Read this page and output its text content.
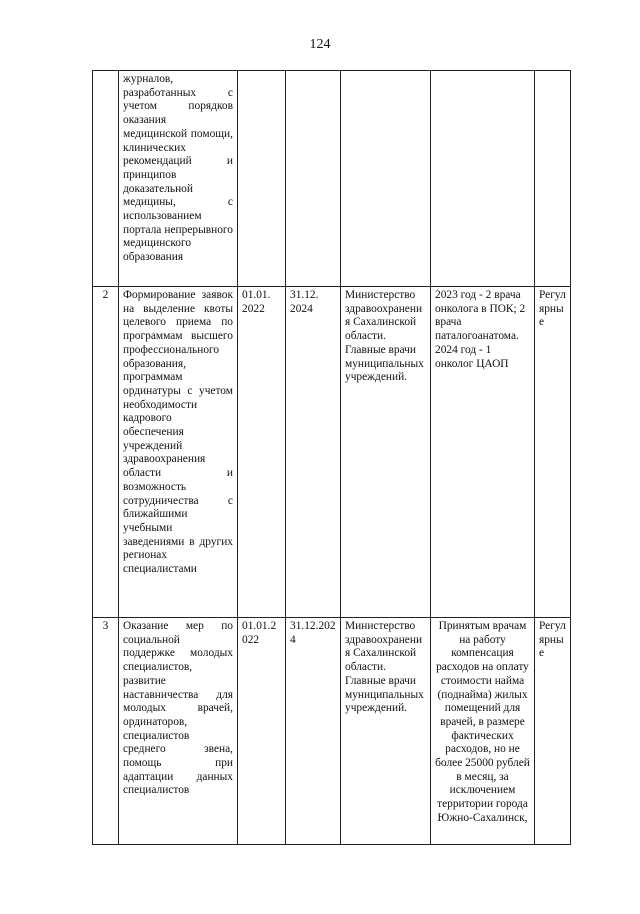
124
	журналов, разработанных с учетом порядков оказания медицинской помощи, клинических рекомендаций и принципов доказательной медицины, с использованием портала непрерывного медицинского образования					
2	Формирование заявок на выделение квоты целевого приема по программам высшего профессионального образования, программам ординатуры с учетом необходимости кадрового обеспечения учреждений здравоохранения области и возможность сотрудничества с ближайшими учебными заведениями в других регионах специалистами	01.01. 2022	31.12. 2024	Министерство здравоохранения Сахалинской области. Главные врачи муниципальных учреждений.	2023 год - 2 врача онколога в ПОК; 2 врача паталогоанатома. 2024 год - 1 онколог ЦАОП	Регулярные
3	Оказание мер по социальной поддержке молодых специалистов, развитие наставничества для молодых врачей, ординаторов, специалистов среднего звена, помощь при адаптации данных специалистов	01.01.2022	31.12.2024	Министерство здравоохранения Сахалинской области. Главные врачи муниципальных учреждений.	Принятым врачам на работу компенсация расходов на оплату стоимости найма (поднайма) жилых помещений для врачей, в размере фактических расходов, но не более 25000 рублей в месяц, за исключением территории города Южно-Сахалинск,	Регулярные
